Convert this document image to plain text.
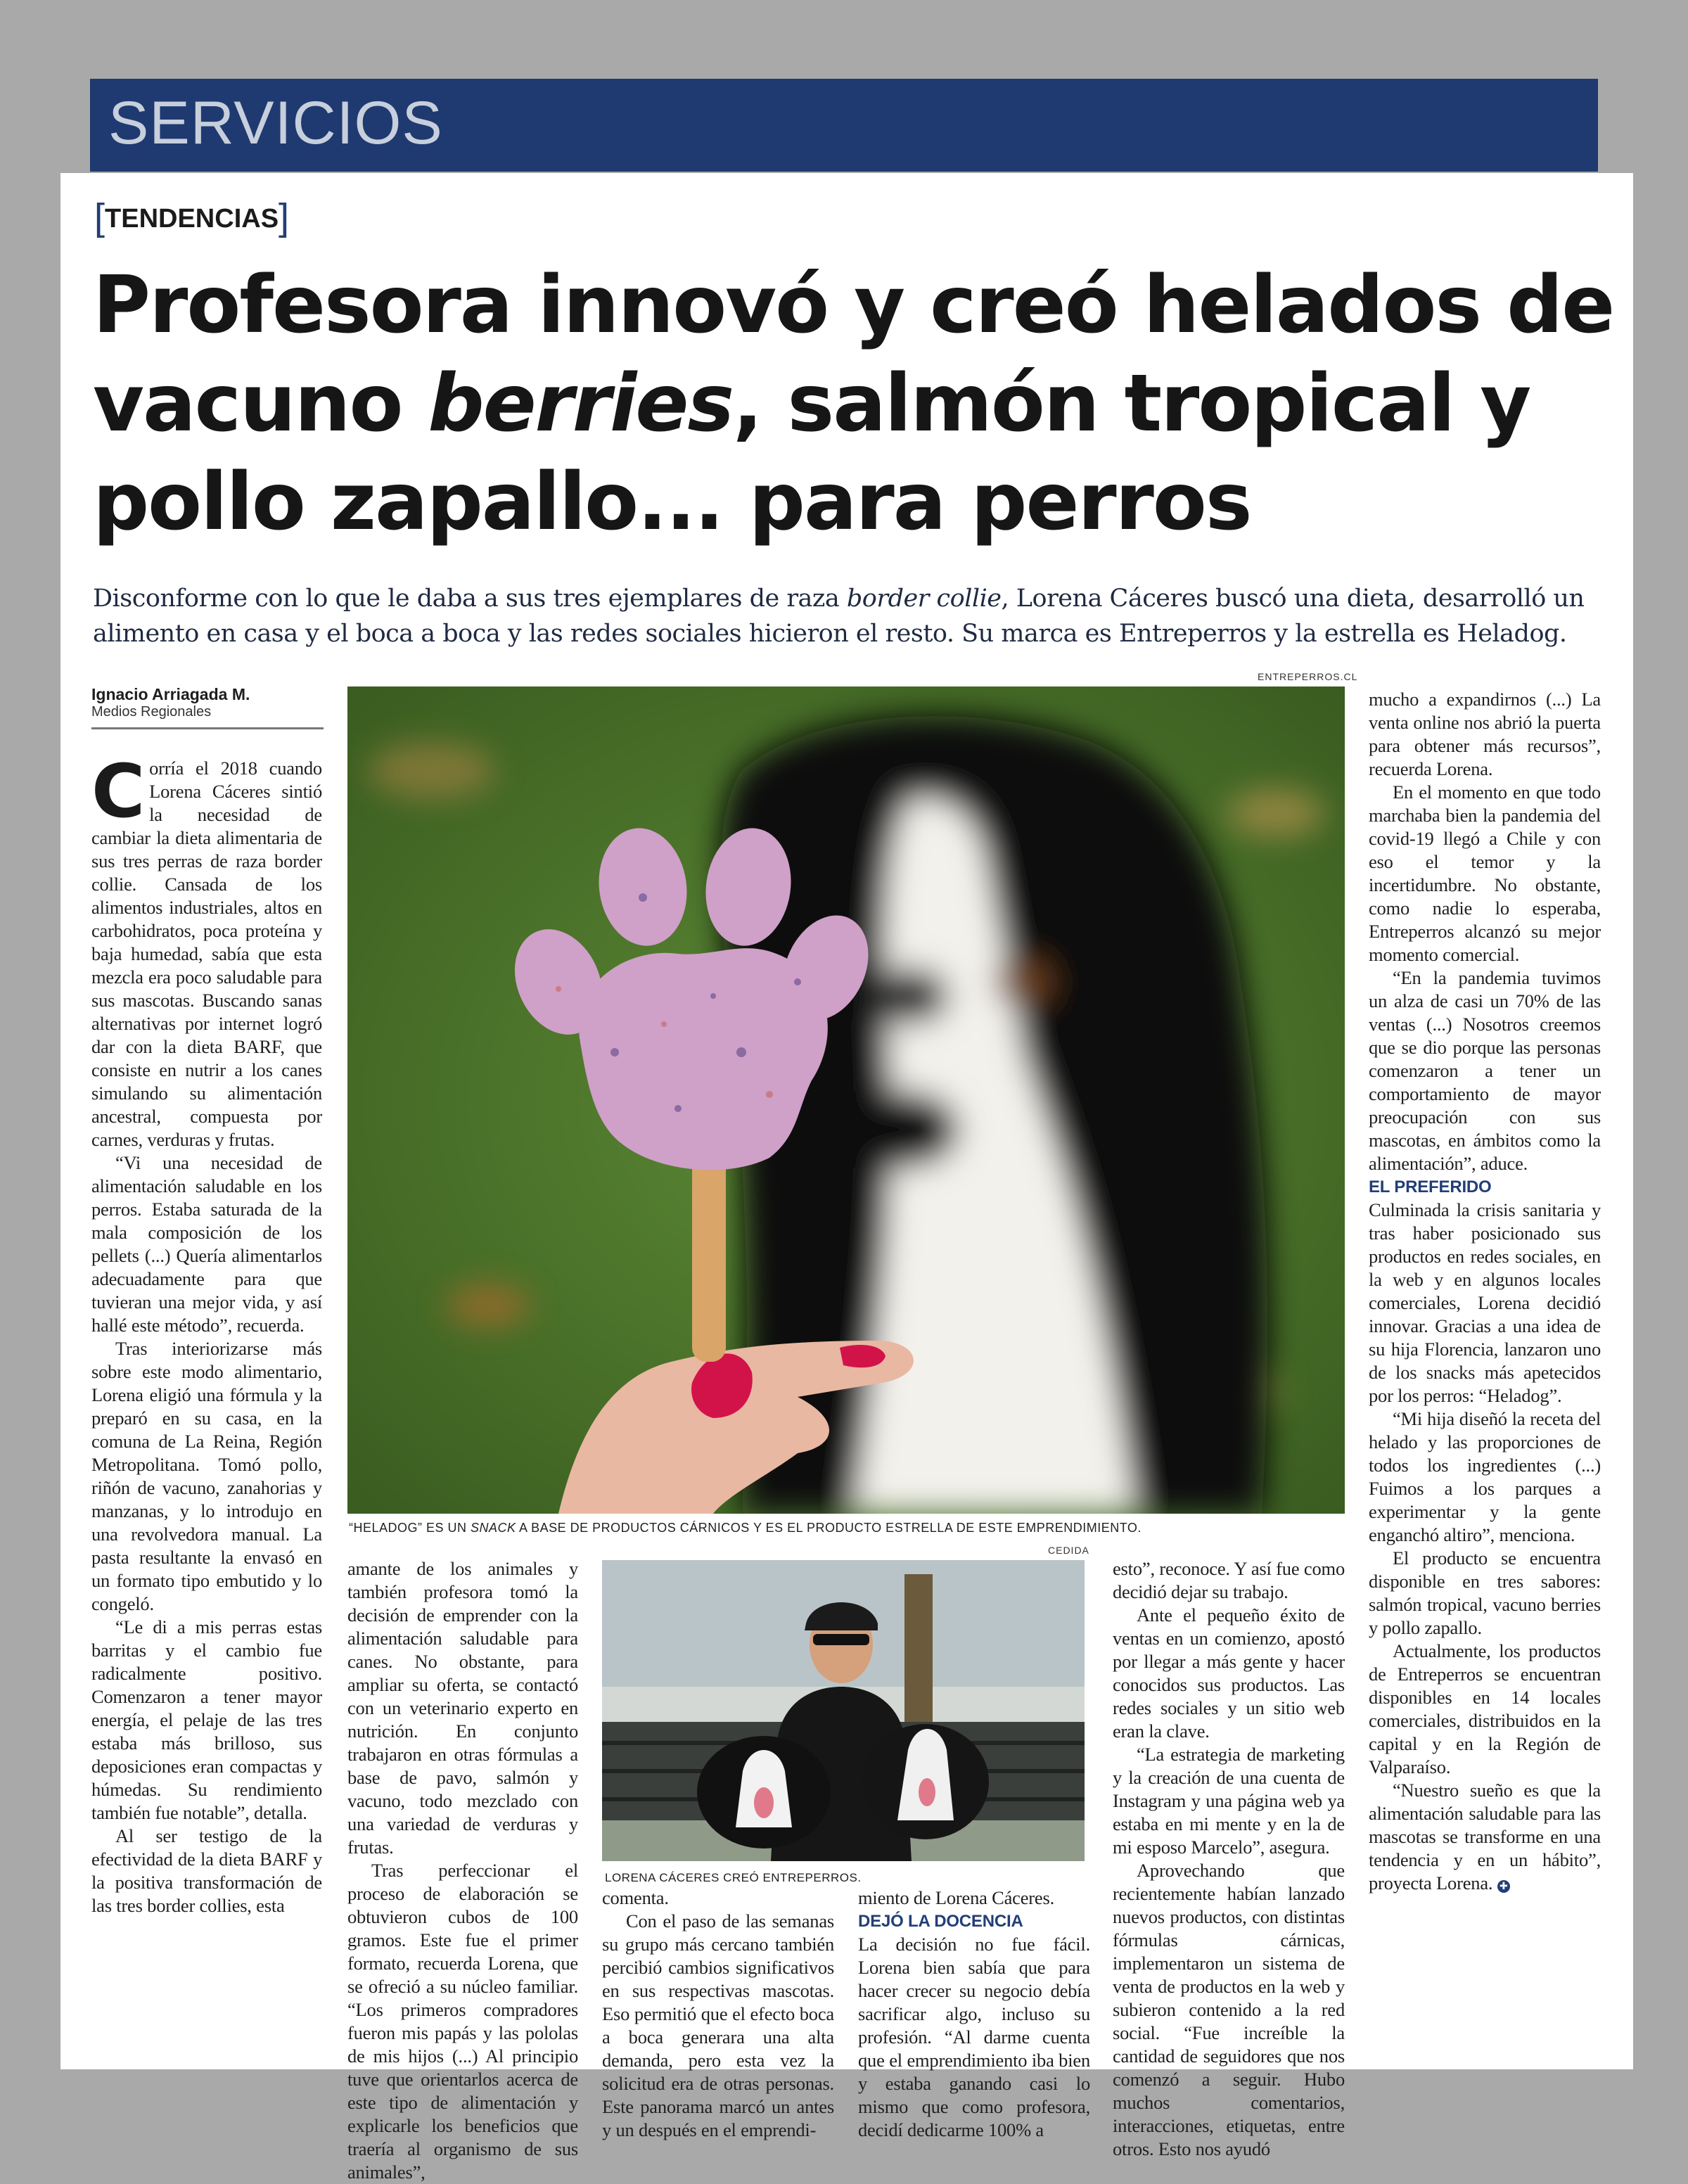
SERVICIOS
[TENDENCIAS]
Profesora innovó y creó helados de
vacuno berries, salmón tropical y
pollo zapallo... para perros

Disconforme con lo que le daba a sus tres ejemplares de raza border collie, Lorena Cáceres buscó una dieta, desarrolló un
alimento en casa y el boca a boca y las redes sociales hicieron el resto. Su marca es Entreperros y la estrella es Heladog.

Ignacio Arriagada M.
Medios Regionales
ENTREPERROS.CL
“HELADOG” ES UN SNACK A BASE DE PRODUCTOS CÁRNICOS Y ES EL PRODUCTO ESTRELLA DE ESTE EMPRENDIMIENTO.
CEDIDA
LORENA CÁCERES CREÓ ENTREPERROS.

Corría el 2018 cuando Lorena Cáceres sintió la necesidad de cambiar la dieta alimentaria de sus tres perras de raza border collie. Cansada de los alimentos industriales, altos en carbohidratos, poca proteína y baja humedad, sabía que esta mezcla era poco saludable para sus mascotas. Buscando sanas alternativas por internet logró dar con la dieta BARF, que consiste en nutrir a los canes simulando su alimentación ancestral, compuesta por carnes, verduras y frutas.

“Vi una necesidad de alimentación saludable en los perros. Estaba saturada de la mala composición de los pellets (...) Quería alimentarlos adecuadamente para que tuvieran una mejor vida, y así hallé este método”, recuerda.

Tras interiorizarse más sobre este modo alimentario, Lorena eligió una fórmula y la preparó en su casa, en la comuna de La Reina, Región Metropolitana. Tomó pollo, riñón de vacuno, zanahorias y manzanas, y lo introdujo en una revolvedora manual. La pasta resultante la envasó en un formato tipo embutido y lo congeló.

“Le di a mis perras estas barritas y el cambio fue radicalmente positivo. Comenzaron a tener mayor energía, el pelaje de las tres estaba más brilloso, sus deposiciones eran compactas y húmedas. Su rendimiento también fue notable”, detalla.

Al ser testigo de la efectividad de la dieta BARF y la positiva transformación de las tres border collies, esta

amante de los animales y también profesora tomó la decisión de emprender con la alimentación saludable para canes. No obstante, para ampliar su oferta, se contactó con un veterinario experto en nutrición. En conjunto trabajaron en otras fórmulas a base de pavo, salmón y vacuno, todo mezclado con una variedad de verduras y frutas.

Tras perfeccionar el proceso de elaboración se obtuvieron cubos de 100 gramos. Este fue el primer formato, recuerda Lorena, que se ofreció a su núcleo familiar. “Los primeros compradores fueron mis papás y las pololas de mis hijos (...) Al principio tuve que orientarlos acerca de este tipo de alimentación y explicarle los beneficios que traería al organismo de sus animales”,

comenta.

Con el paso de las semanas su grupo más cercano también percibió cambios significativos en sus respectivas mascotas. Eso permitió que el efecto boca a boca generara una alta demanda, pero esta vez la solicitud era de otras personas. Este panorama marcó un antes y un después en el emprendi-

miento de Lorena Cáceres.

DEJÓ LA DOCENCIA

La decisión no fue fácil. Lorena bien sabía que para hacer crecer su negocio debía sacrificar algo, incluso su profesión. “Al darme cuenta que el emprendimiento iba bien y estaba ganando casi lo mismo que como profesora, decidí dedicarme 100% a

esto”, reconoce. Y así fue como decidió dejar su trabajo.

Ante el pequeño éxito de ventas en un comienzo, apostó por llegar a más gente y hacer conocidos sus productos. Las redes sociales y un sitio web eran la clave.

“La estrategia de marketing y la creación de una cuenta de Instagram y una página web ya estaba en mi mente y en la de mi esposo Marcelo”, asegura.

Aprovechando que recientemente habían lanzado nuevos productos, con distintas fórmulas cárnicas, implementaron un sistema de venta de productos en la web y subieron contenido a la red social. “Fue increíble la cantidad de seguidores que nos comenzó a seguir. Hubo muchos comentarios, interacciones, etiquetas, entre otros. Esto nos ayudó

mucho a expandirnos (...) La venta online nos abrió la puerta para obtener más recursos”, recuerda Lorena.

En el momento en que todo marchaba bien la pandemia del covid-19 llegó a Chile y con eso el temor y la incertidumbre. No obstante, como nadie lo esperaba, Entreperros alcanzó su mejor momento comercial.

“En la pandemia tuvimos un alza de casi un 70% de las ventas (...) Nosotros creemos que se dio porque las personas comenzaron a tener un comportamiento de mayor preocupación con sus mascotas, en ámbitos como la alimentación”, aduce.

EL PREFERIDO

Culminada la crisis sanitaria y tras haber posicionado sus productos en redes sociales, en la web y en algunos locales comerciales, Lorena decidió innovar. Gracias a una idea de su hija Florencia, lanzaron uno de los snacks más apetecidos por los perros: “Heladog”.

“Mi hija diseñó la receta del helado y las proporciones de todos los ingredientes (...) Fuimos a los parques a experimentar y la gente enganchó altiro”, menciona.

El producto se encuentra disponible en tres sabores: salmón tropical, vacuno berries y pollo zapallo.

Actualmente, los productos de Entreperros se encuentran disponibles en 14 locales comerciales, distribuidos en la capital y en la Región de Valparaíso.

“Nuestro sueño es que la alimentación saludable para las mascotas se transforme en una tendencia y en un hábito”, proyecta Lorena. ✚
